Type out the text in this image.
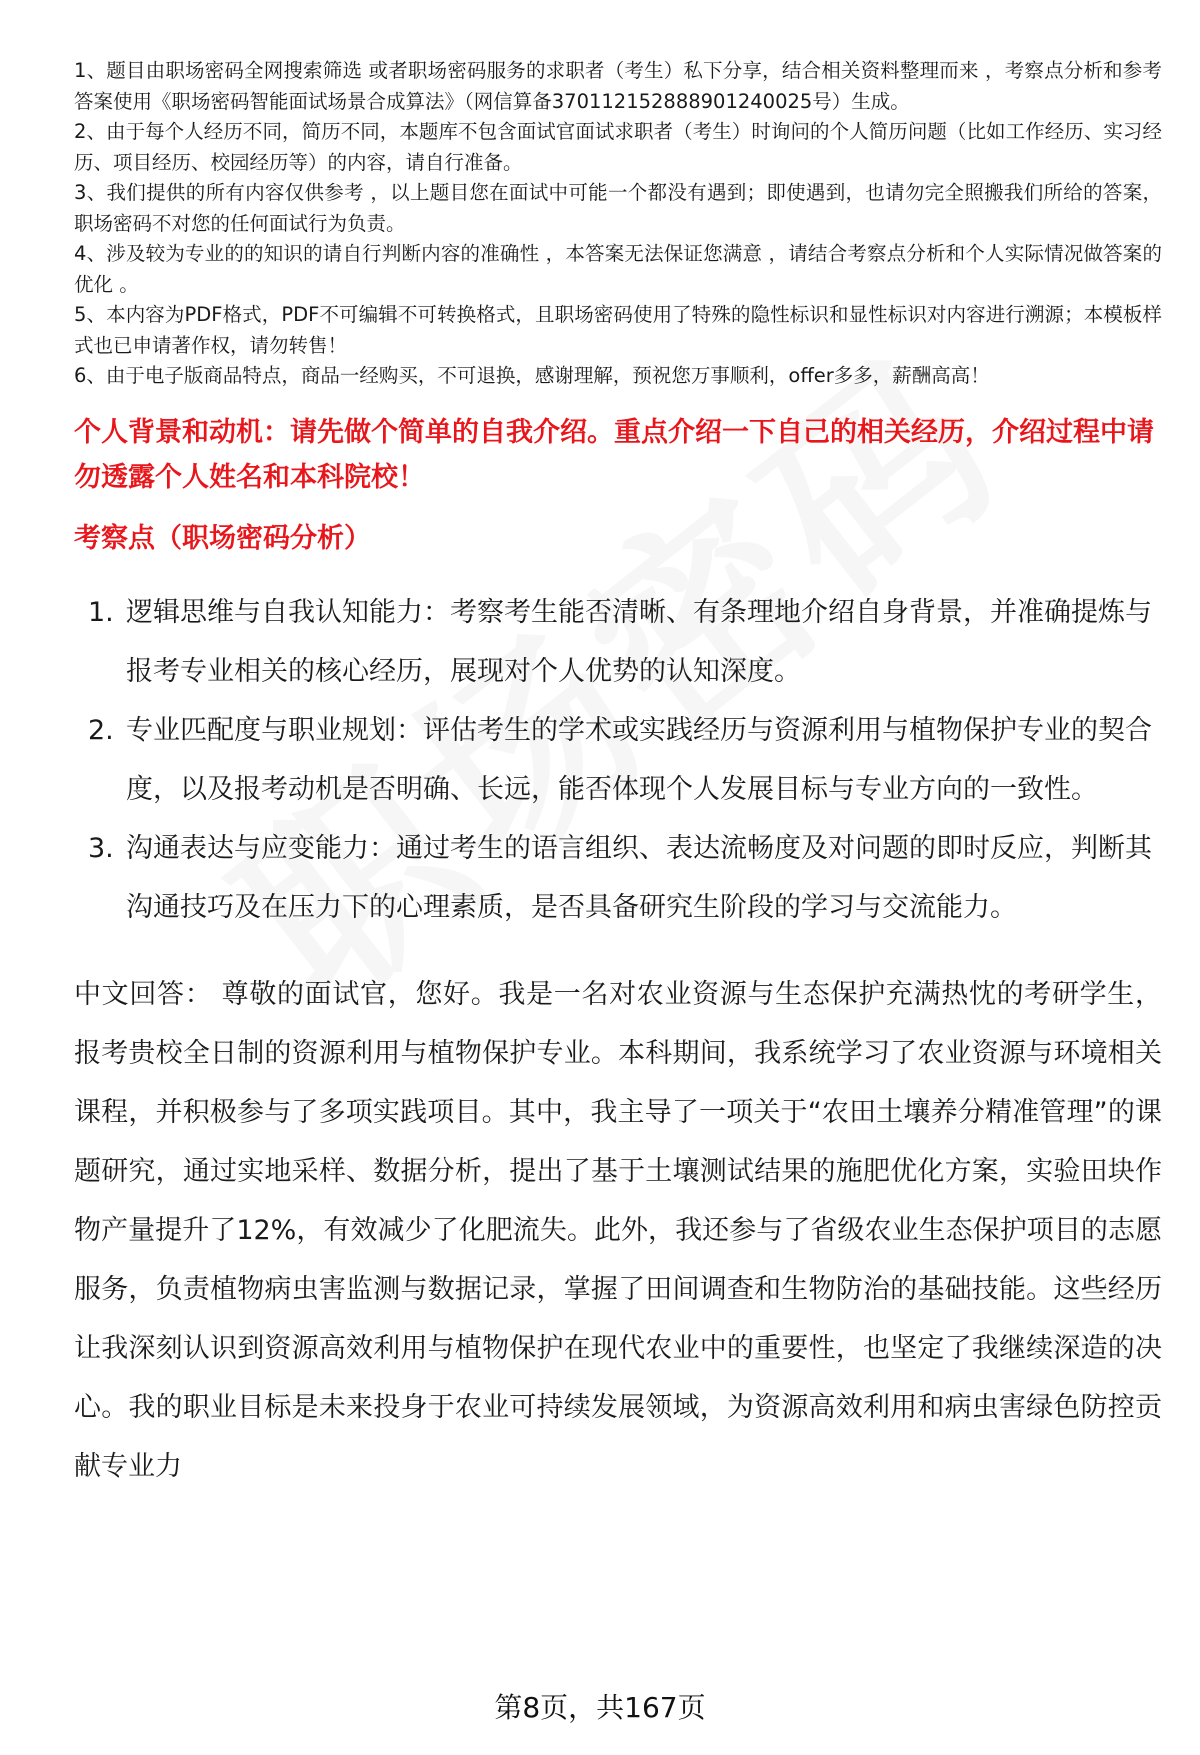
1、题目由职场密码全网搜索筛选 或者职场密码服务的求职者（考生）私下分享，结合相关资料整理而来 ，考察点分析和参考答案使用《职场密码智能面试场景合成算法》（网信算备370112152888901240025号）生成。
2、由于每个人经历不同，简历不同，本题库不包含面试官面试求职者（考生）时询问的个人简历问题（比如工作经历、实习经历、项目经历、校园经历等）的内容，请自行准备。
3、我们提供的所有内容仅供参考 ，以上题目您在面试中可能一个都没有遇到；即使遇到，也请勿完全照搬我们所给的答案，职场密码不对您的任何面试行为负责。
4、涉及较为专业的的知识的请自行判断内容的准确性 ，本答案无法保证您满意 ，请结合考察点分析和个人实际情况做答案的优化 。
5、本内容为PDF格式，PDF不可编辑不可转换格式，且职场密码使用了特殊的隐性标识和显性标识对内容进行溯源；本模板样式也已申请著作权，请勿转售！
6、由于电子版商品特点，商品一经购买，不可退换，感谢理解，预祝您万事顺利，offer多多，薪酬高高！
个人背景和动机：请先做个简单的自我介绍。重点介绍一下自己的相关经历，介绍过程中请勿透露个人姓名和本科院校！
考察点（职场密码分析）
1. 逻辑思维与自我认知能力：考察考生能否清晰、有条理地介绍自身背景，并准确提炼与报考专业相关的核心经历，展现对个人优势的认知深度。
2. 专业匹配度与职业规划：评估考生的学术或实践经历与资源利用与植物保护专业的契合度，以及报考动机是否明确、长远，能否体现个人发展目标与专业方向的一致性。
3. 沟通表达与应变能力：通过考生的语言组织、表达流畅度及对问题的即时反应，判断其沟通技巧及在压力下的心理素质，是否具备研究生阶段的学习与交流能力。

中文回答： 尊敬的面试官，您好。我是一名对农业资源与生态保护充满热忱的考研学生，报考贵校全日制的资源利用与植物保护专业。本科期间，我系统学习了农业资源与环境相关课程，并积极参与了多项实践项目。其中，我主导了一项关于“农田土壤养分精准管理”的课题研究，通过实地采样、数据分析，提出了基于土壤测试结果的施肥优化方案，实验田块作物产量提升了12%，有效减少了化肥流失。此外，我还参与了省级农业生态保护项目的志愿服务，负责植物病虫害监测与数据记录，掌握了田间调查和生物防治的基础技能。这些经历让我深刻认识到资源高效利用与植物保护在现代农业中的重要性，也坚定了我继续深造的决心。我的职业目标是未来投身于农业可持续发展领域，为资源高效利用和病虫害绿色防控贡献专业力

第8页，共167页
